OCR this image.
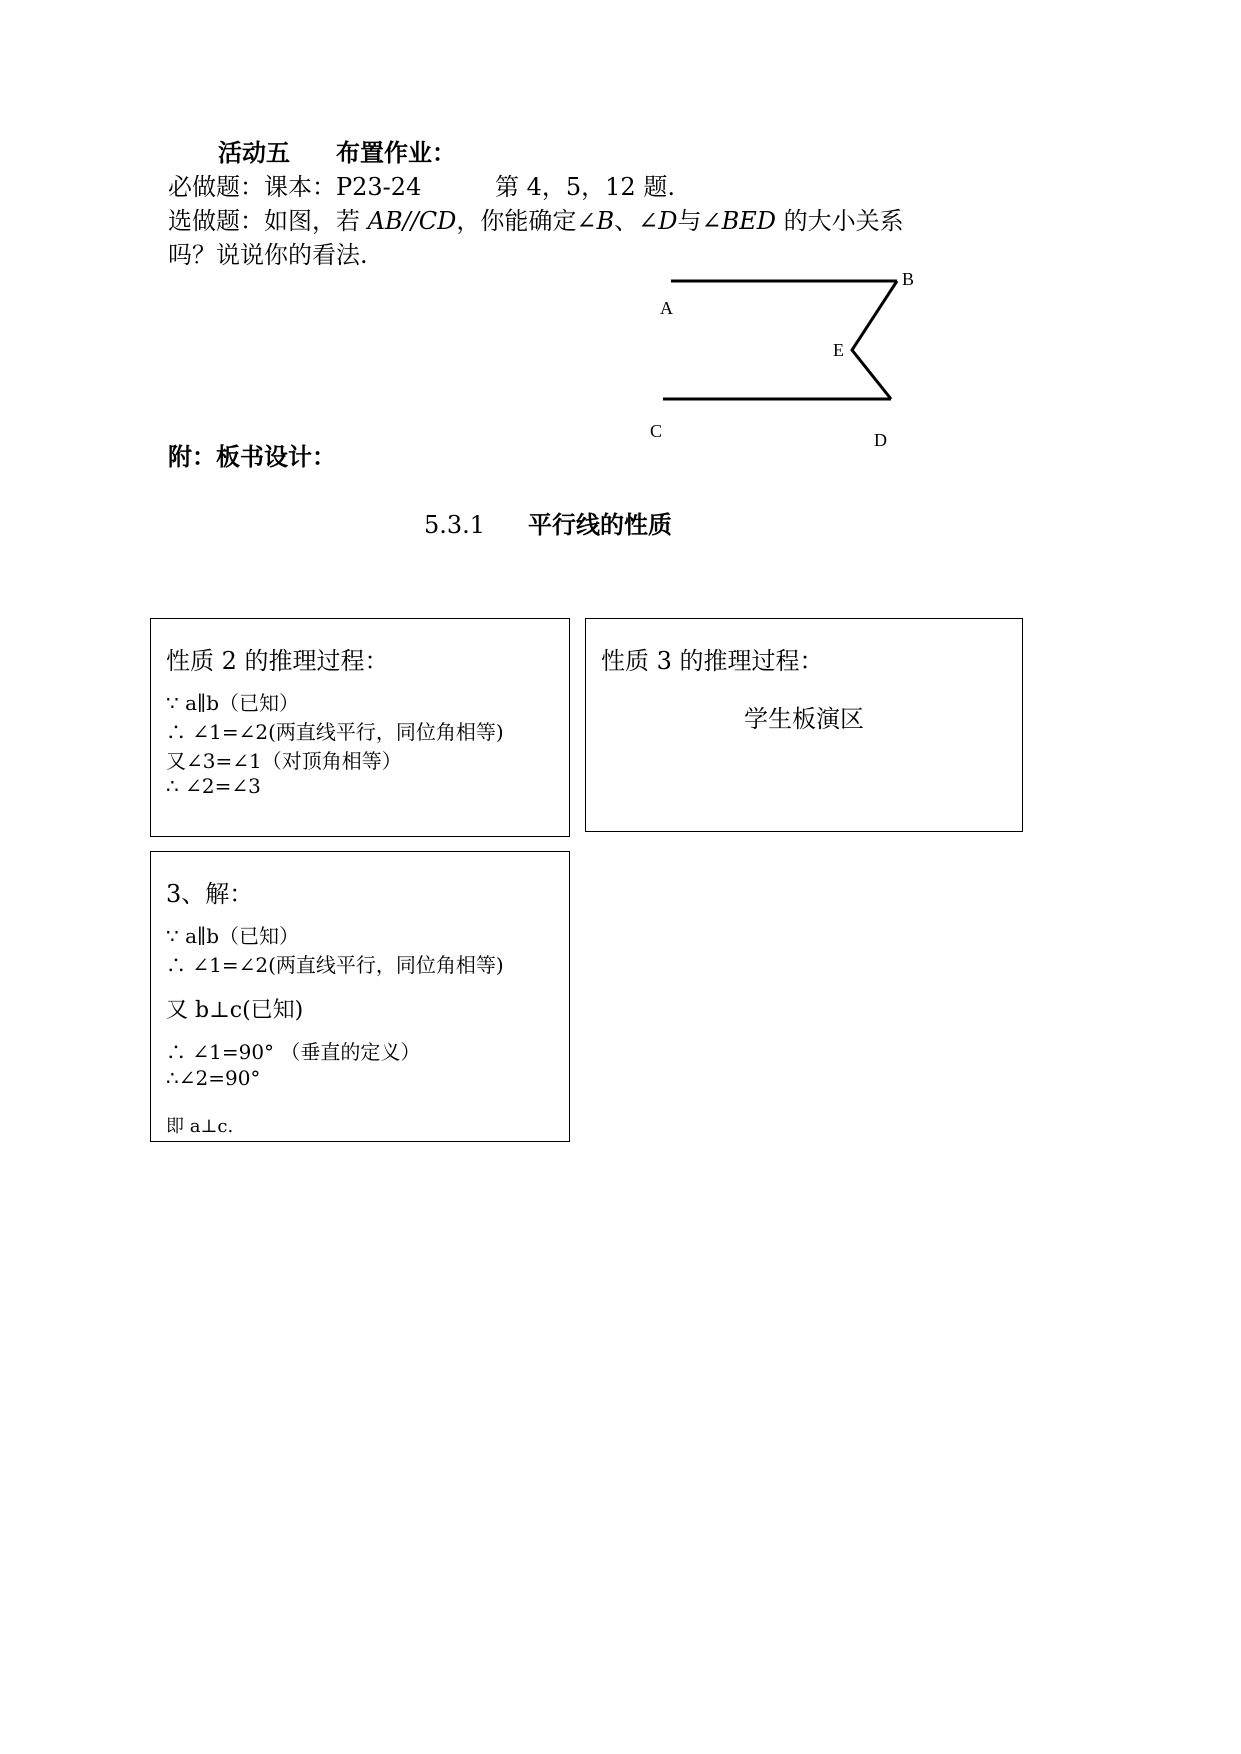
活动五 布置作业：
必做题：课本：P23-24	第 4，5，12 题.
选做题：如图，若 AB//CD，你能确定∠B、∠D与∠BED 的大小关系
吗？说说你的看法.
A
B
E
C	D
附：板书设计：
5.3.1 平行线的性质
性质 2 的推理过程：
∵ a∥b（已知）
∴ ∠1=∠2(两直线平行，同位角相等)
又∠3=∠1（对顶角相等）
∴ ∠2=∠3
性质 3 的推理过程：
学生板演区
3、解：
∵ a∥b（已知）
∴ ∠1=∠2(两直线平行，同位角相等)
又 b⊥c(已知)
∴ ∠1=90° （垂直的定义）
∴∠2=90°
即 a⊥c.
